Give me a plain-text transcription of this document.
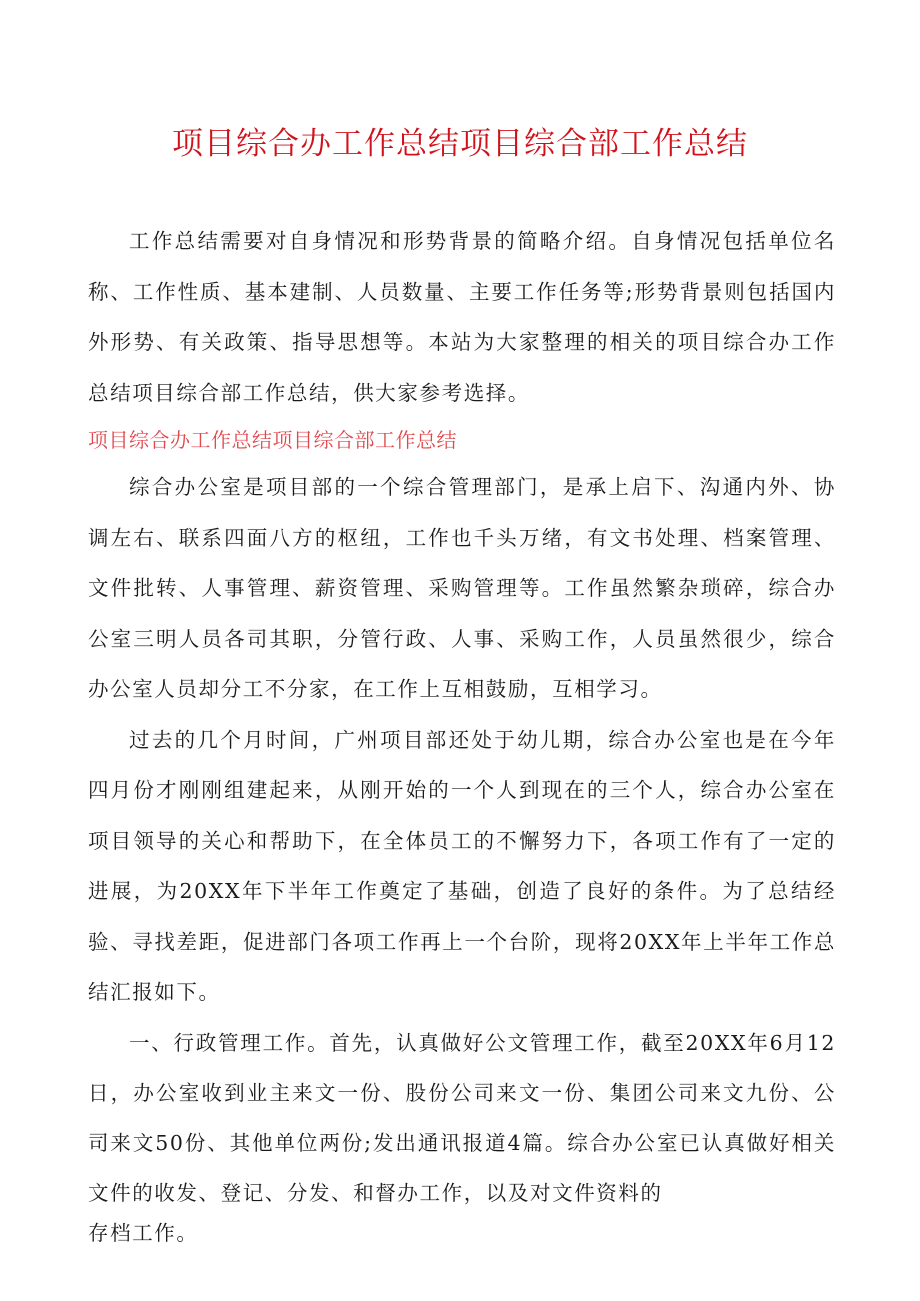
项目综合办工作总结项目综合部工作总结

工作总结需要对自身情况和形势背景的简略介绍。自身情况包括单位名称、工作性质、基本建制、人员数量、主要工作任务等;形势背景则包括国内外形势、有关政策、指导思想等。本站为大家整理的相关的项目综合办工作总结项目综合部工作总结，供大家参考选择。

项目综合办工作总结项目综合部工作总结

综合办公室是项目部的一个综合管理部门，是承上启下、沟通内外、协调左右、联系四面八方的枢纽，工作也千头万绪，有文书处理、档案管理、文件批转、人事管理、薪资管理、采购管理等。工作虽然繁杂琐碎，综合办公室三明人员各司其职，分管行政、人事、采购工作，人员虽然很少，综合办公室人员却分工不分家，在工作上互相鼓励，互相学习。

过去的几个月时间，广州项目部还处于幼儿期，综合办公室也是在今年四月份才刚刚组建起来，从刚开始的一个人到现在的三个人，综合办公室在项目领导的关心和帮助下，在全体员工的不懈努力下，各项工作有了一定的进展，为20XX年下半年工作奠定了基础，创造了良好的条件。为了总结经验、寻找差距，促进部门各项工作再上一个台阶，现将20XX年上半年工作总结汇报如下。

一、行政管理工作。首先，认真做好公文管理工作，截至20XX年6月12日，办公室收到业主来文一份、股份公司来文一份、集团公司来文九份、公司来文50份、其他单位两份;发出通讯报道4篇。综合办公室已认真做好相关文件的收发、登记、分发、和督办工作，以及对文件资料的

存档工作。
